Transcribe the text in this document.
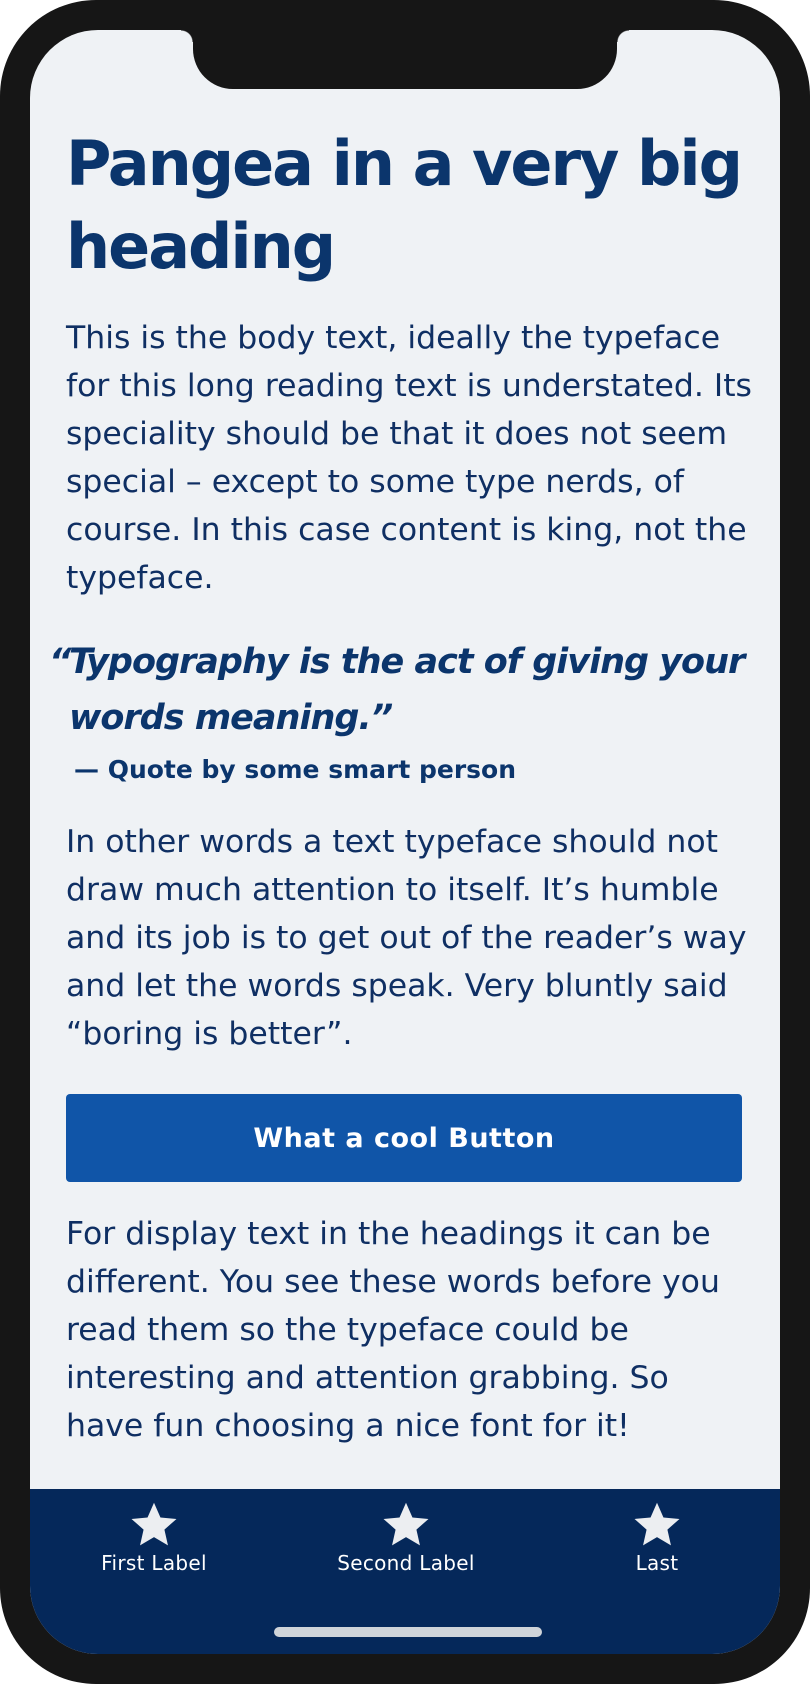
Pangea in a very big heading

This is the body text, ideally the typeface for this long reading text is understated. Its speciality should be that it does not seem special – except to some type nerds, of course. In this case content is king, not the typeface.

“
Typography is the act of giving your words meaning.”
— Quote by some smart person

In other words a text typeface should not draw much attention to itself. It’s humble and its job is to get out of the reader’s way and let the words speak. Very bluntly said “boring is better”.

What a cool Button

For display text in the headings it can be different. You see these words before you read them so the typeface could be interesting and attention grabbing. So have fun choosing a nice font for it!

First Label	Second Label	Last
